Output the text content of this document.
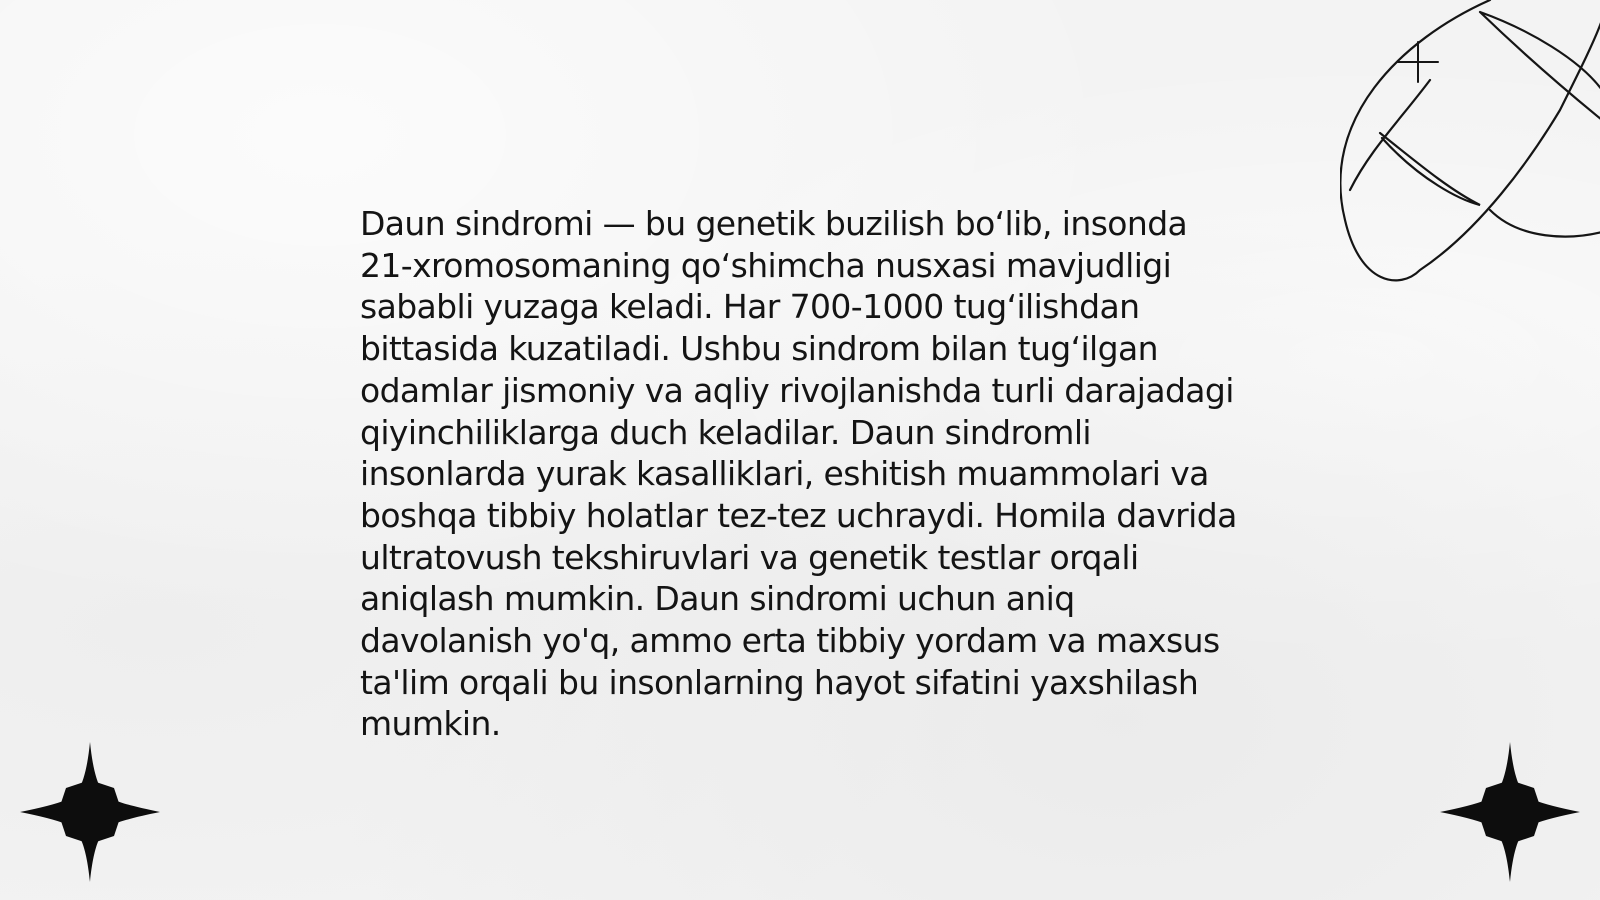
Daun sindromi — bu genetik buzilish bo‘lib, insonda 21-xromosomaning qo‘shimcha nusxasi mavjudligi sababli yuzaga keladi. Har 700-1000 tug‘ilishdan bittasida kuzatiladi. Ushbu sindrom bilan tug‘ilgan odamlar jismoniy va aqliy rivojlanishda turli darajadagi qiyinchiliklarga duch keladilar. Daun sindromli insonlarda yurak kasalliklari, eshitish muammolari va boshqa tibbiy holatlar tez-tez uchraydi. Homila davrida ultratovush tekshiruvlari va genetik testlar orqali aniqlash mumkin. Daun sindromi uchun aniq davolanish yo'q, ammo erta tibbiy yordam va maxsus ta'lim orqali bu insonlarning hayot sifatini yaxshilash mumkin.
